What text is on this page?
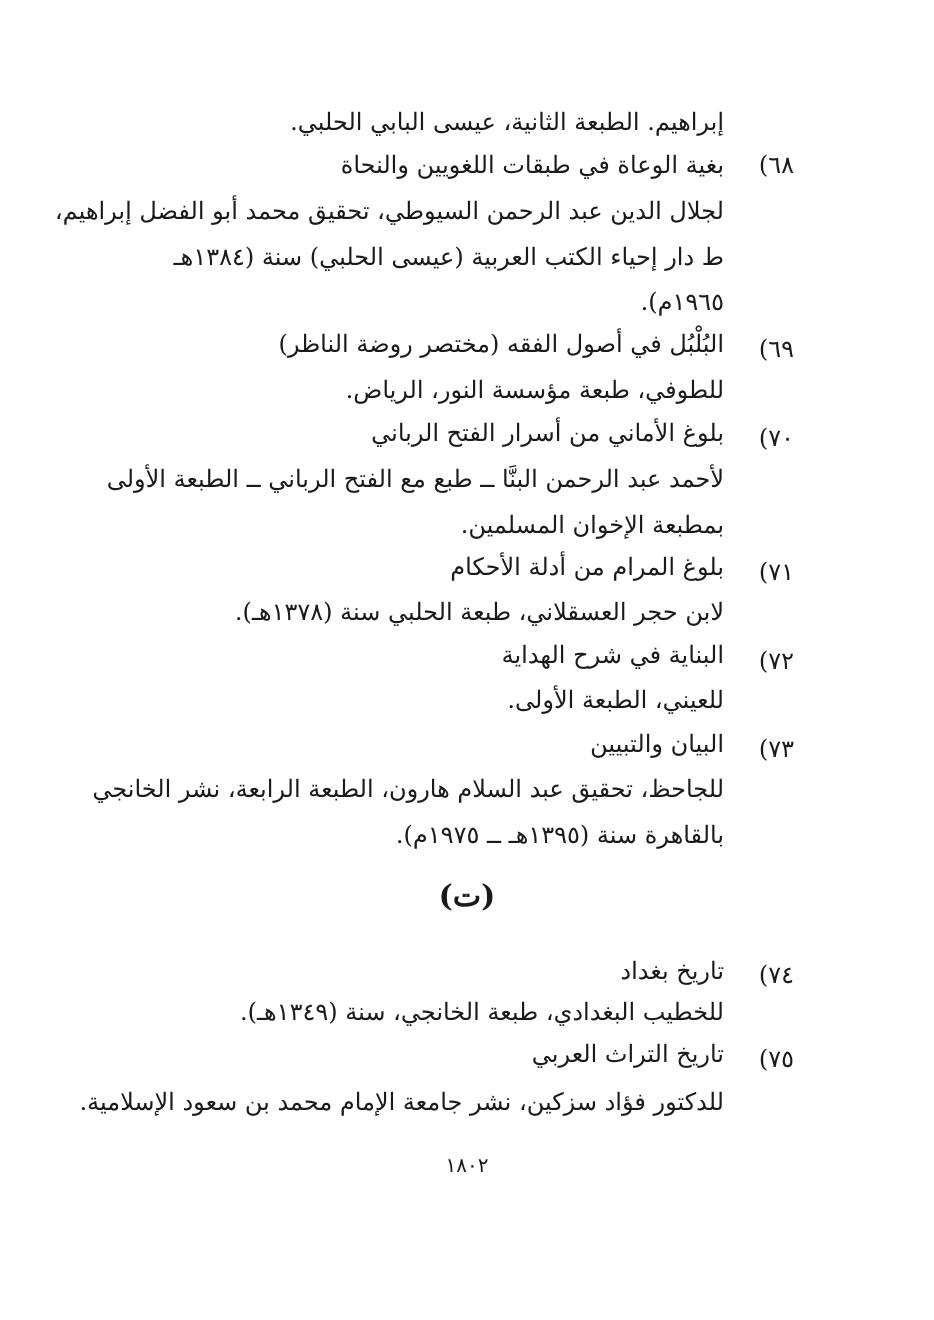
إبراهيم. الطبعة الثانية، عيسى البابي الحلبي.

٦٨)

بغية الوعاة في طبقات اللغويين والنحاة

لجلال الدين عبد الرحمن السيوطي، تحقيق محمد أبو الفضل إبراهيم،

ط دار إحياء الكتب العربية (عيسى الحلبي) سنة (١٣٨٤هـ

١٩٦٥م).

٦٩)

البُلْبُل في أصول الفقه (مختصر روضة الناظر)

للطوفي، طبعة مؤسسة النور، الرياض.

٧٠)

بلوغ الأماني من أسرار الفتح الرباني

لأحمد عبد الرحمن البنَّا ــ طبع مع الفتح الرباني ــ الطبعة الأولى

بمطبعة الإخوان المسلمين.

٧١)

بلوغ المرام من أدلة الأحكام

لابن حجر العسقلاني، طبعة الحلبي سنة (١٣٧٨هـ).

٧٢)

البناية في شرح الهداية

للعيني، الطبعة الأولى.

٧٣)

البيان والتبيين

للجاحظ، تحقيق عبد السلام هارون، الطبعة الرابعة، نشر الخانجي

بالقاهرة سنة (١٣٩٥هـ ــ ١٩٧٥م).

(ت)
٧٤)

تاريخ بغداد

للخطيب البغدادي، طبعة الخانجي، سنة (١٣٤٩هـ).

٧٥)

تاريخ التراث العربي

للدكتور فؤاد سزكين، نشر جامعة الإمام محمد بن سعود الإسلامية.

١٨٠٢
